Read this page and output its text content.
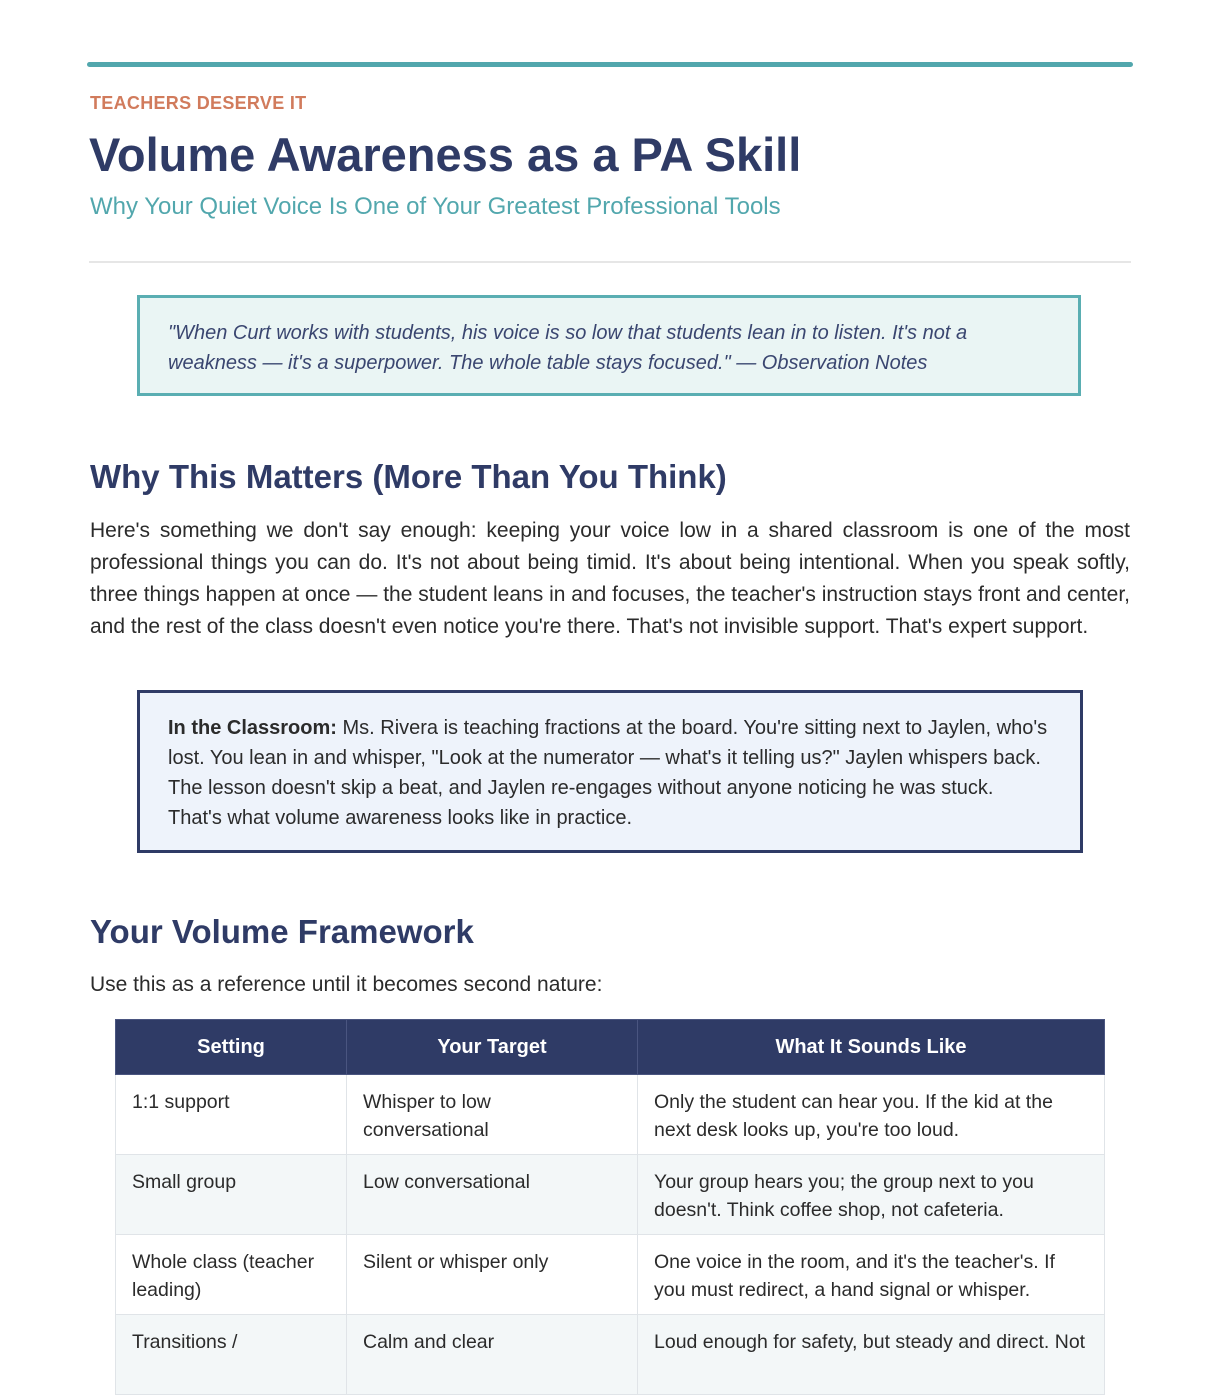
TEACHERS DESERVE IT
Volume Awareness as a PA Skill
Why Your Quiet Voice Is One of Your Greatest Professional Tools
"When Curt works with students, his voice is so low that students lean in to listen. It's not a weakness — it's a superpower. The whole table stays focused." — Observation Notes
Why This Matters (More Than You Think)

Here's something we don't say enough: keeping your voice low in a shared classroom is one of the most professional things you can do. It's not about being timid. It's about being intentional. When you speak softly, three things happen at once — the student leans in and focuses, the teacher's instruction stays front and center, and the rest of the class doesn't even notice you're there. That's not invisible support. That's expert support.

In the Classroom: Ms. Rivera is teaching fractions at the board. You're sitting next to Jaylen, who's lost. You lean in and whisper, "Look at the numerator — what's it telling us?" Jaylen whispers back. The lesson doesn't skip a beat, and Jaylen re-engages without anyone noticing he was stuck. That's what volume awareness looks like in practice.
Your Volume Framework

Use this as a reference until it becomes second nature:

Setting	Your Target	What It Sounds Like
1:1 support	Whisper to low conversational	Only the student can hear you. If the kid at the next desk looks up, you're too loud.
Small group	Low conversational	Your group hears you; the group next to you doesn't. Think coffee shop, not cafeteria.
Whole class (teacher leading)	Silent or whisper only	One voice in the room, and it's the teacher's. If you must redirect, a hand signal or whisper.
Transitions /	Calm and clear	Loud enough for safety, but steady and direct. Not
